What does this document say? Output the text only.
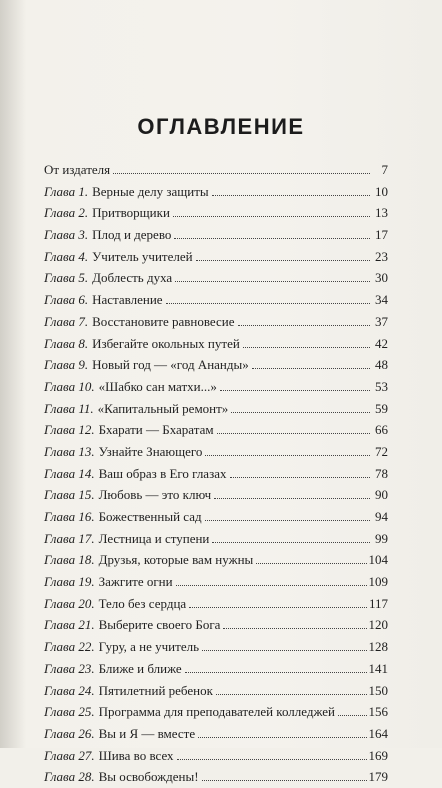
ОГЛАВЛЕНИЕ
От издателя	7
Глава 1. Верные делу защиты	10
Глава 2. Притворщики	13
Глава 3. Плод и дерево	17
Глава 4. Учитель учителей	23
Глава 5. Доблесть духа	30
Глава 6. Наставление	34
Глава 7. Восстановите равновесие	37
Глава 8. Избегайте окольных путей	42
Глава 9. Новый год — «год Ананды»	48
Глава 10. «Шабко сан матхи...»	53
Глава 11. «Капитальный ремонт»	59
Глава 12. Бхарати — Бхаратам	66
Глава 13. Узнайте Знающего	72
Глава 14. Ваш образ в Его глазах	78
Глава 15. Любовь — это ключ	90
Глава 16. Божественный сад	94
Глава 17. Лестница и ступени	99
Глава 18. Друзья, которые вам нужны	104
Глава 19. Зажгите огни	109
Глава 20. Тело без сердца	117
Глава 21. Выберите своего Бога	120
Глава 22. Гуру, а не учитель	128
Глава 23. Ближе и ближе	141
Глава 24. Пятилетний ребенок	150
Глава 25. Программа для преподавателей колледжей	156
Глава 26. Вы и Я — вместе	164
Глава 27. Шива во всех	169
Глава 28. Вы освобождены!	179
